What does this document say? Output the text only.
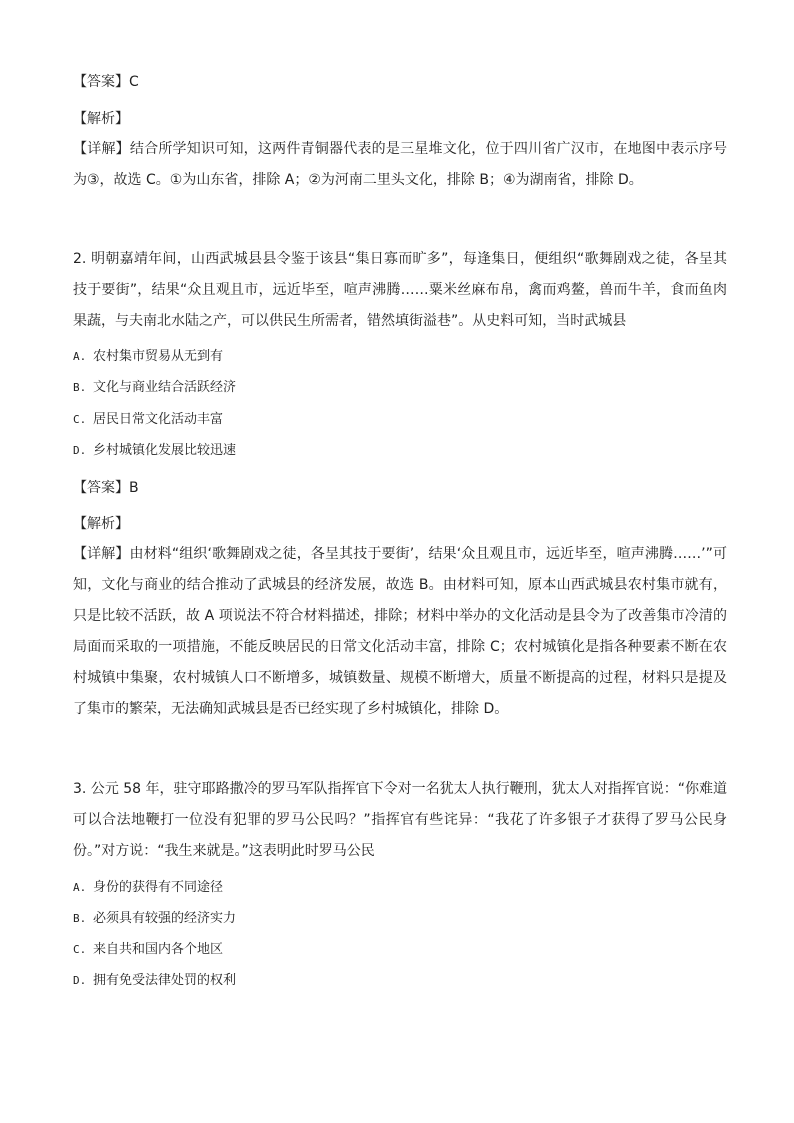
【答案】C
【解析】
【详解】结合所学知识可知，这两件青铜器代表的是三星堆文化，位于四川省广汉市，在地图中表示序号为③，故选 C。①为山东省，排除 A；②为河南二里头文化，排除 B；④为湖南省，排除 D。
2. 明朝嘉靖年间，山西武城县县令鉴于该县“集日寡而旷多”，每逢集日，便组织“歌舞剧戏之徒，各呈其技于要街”，结果“众且观且市，远近毕至，喧声沸腾……粟米丝麻布帛，禽而鸡鳌，兽而牛羊，食而鱼肉果蔬，与夫南北水陆之产，可以供民生所需者，错然填街溢巷”。从史料可知，当时武城县
A. 农村集市贸易从无到有
B. 文化与商业结合活跃经济
C. 居民日常文化活动丰富
D. 乡村城镇化发展比较迅速
【答案】B
【解析】
【详解】由材料“组织‘歌舞剧戏之徒，各呈其技于要街’，结果‘众且观且市，远近毕至，喧声沸腾……’”可知，文化与商业的结合推动了武城县的经济发展，故选 B。由材料可知，原本山西武城县农村集市就有，只是比较不活跃，故 A 项说法不符合材料描述，排除；材料中举办的文化活动是县令为了改善集市冷清的局面而采取的一项措施，不能反映居民的日常文化活动丰富，排除 C；农村城镇化是指各种要素不断在农村城镇中集聚，农村城镇人口不断增多，城镇数量、规模不断增大，质量不断提高的过程，材料只是提及了集市的繁荣，无法确知武城县是否已经实现了乡村城镇化，排除 D。
3. 公元 58 年，驻守耶路撒冷的罗马军队指挥官下令对一名犹太人执行鞭刑，犹太人对指挥官说：“你难道可以合法地鞭打一位没有犯罪的罗马公民吗？”指挥官有些诧异：“我花了许多银子才获得了罗马公民身份。”对方说：“我生来就是。”这表明此时罗马公民
A. 身份的获得有不同途径
B. 必须具有较强的经济实力
C. 来自共和国内各个地区
D. 拥有免受法律处罚的权利
